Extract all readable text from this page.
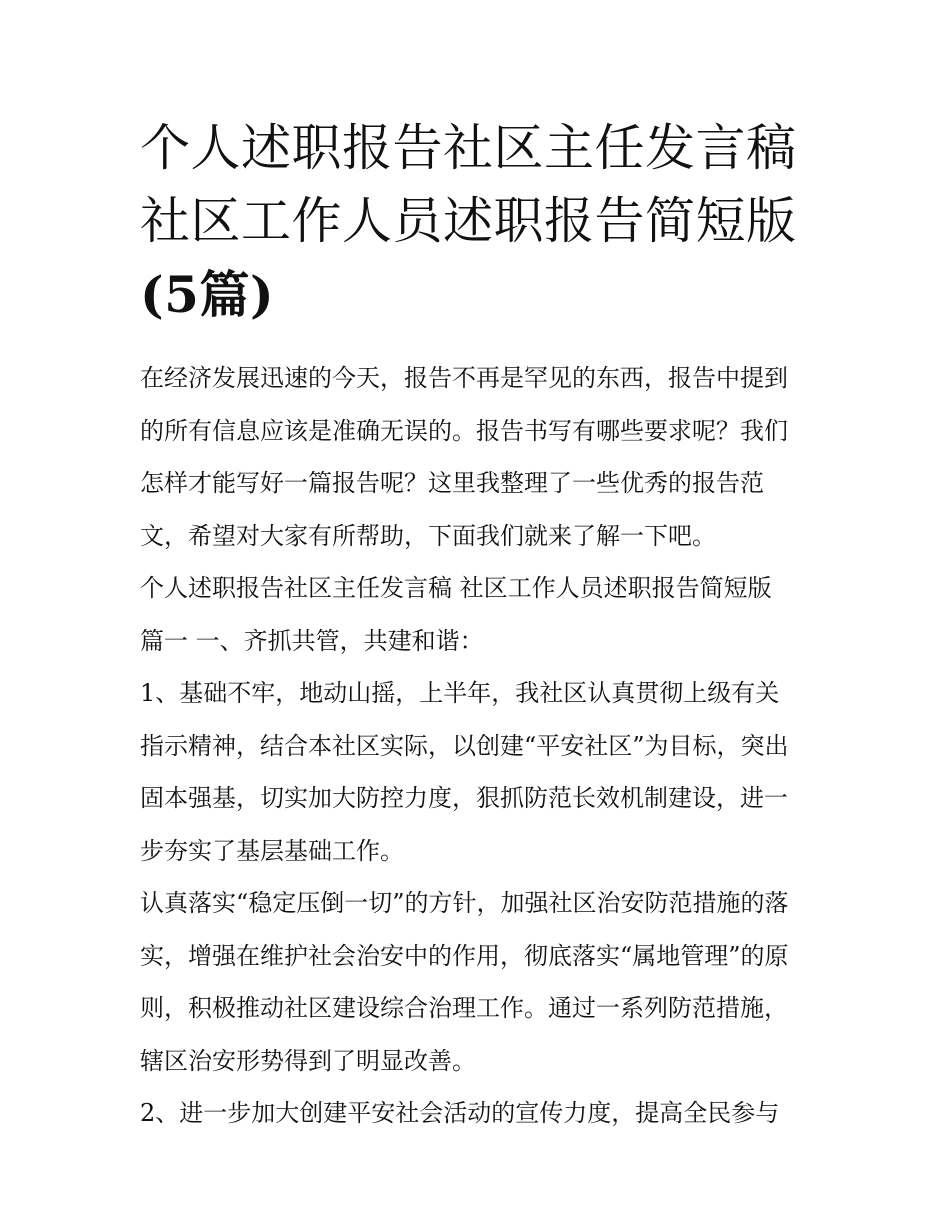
个人述职报告社区主任发言稿
社区工作人员述职报告简短版
(5篇)
在经济发展迅速的今天，报告不再是罕见的东西，报告中提到
的所有信息应该是准确无误的。报告书写有哪些要求呢？我们
怎样才能写好一篇报告呢？这里我整理了一些优秀的报告范
文，希望对大家有所帮助，下面我们就来了解一下吧。
个人述职报告社区主任发言稿 社区工作人员述职报告简短版
篇一 一、齐抓共管，共建和谐：
1、基础不牢，地动山摇，上半年，我社区认真贯彻上级有关
指示精神，结合本社区实际，以创建“平安社区”为目标，突出
固本强基，切实加大防控力度，狠抓防范长效机制建设，进一
步夯实了基层基础工作。
认真落实“稳定压倒一切”的方针，加强社区治安防范措施的落
实，增强在维护社会治安中的作用，彻底落实“属地管理”的原
则，积极推动社区建设综合治理工作。通过一系列防范措施，
辖区治安形势得到了明显改善。
2、进一步加大创建平安社会活动的宣传力度，提高全民参与
